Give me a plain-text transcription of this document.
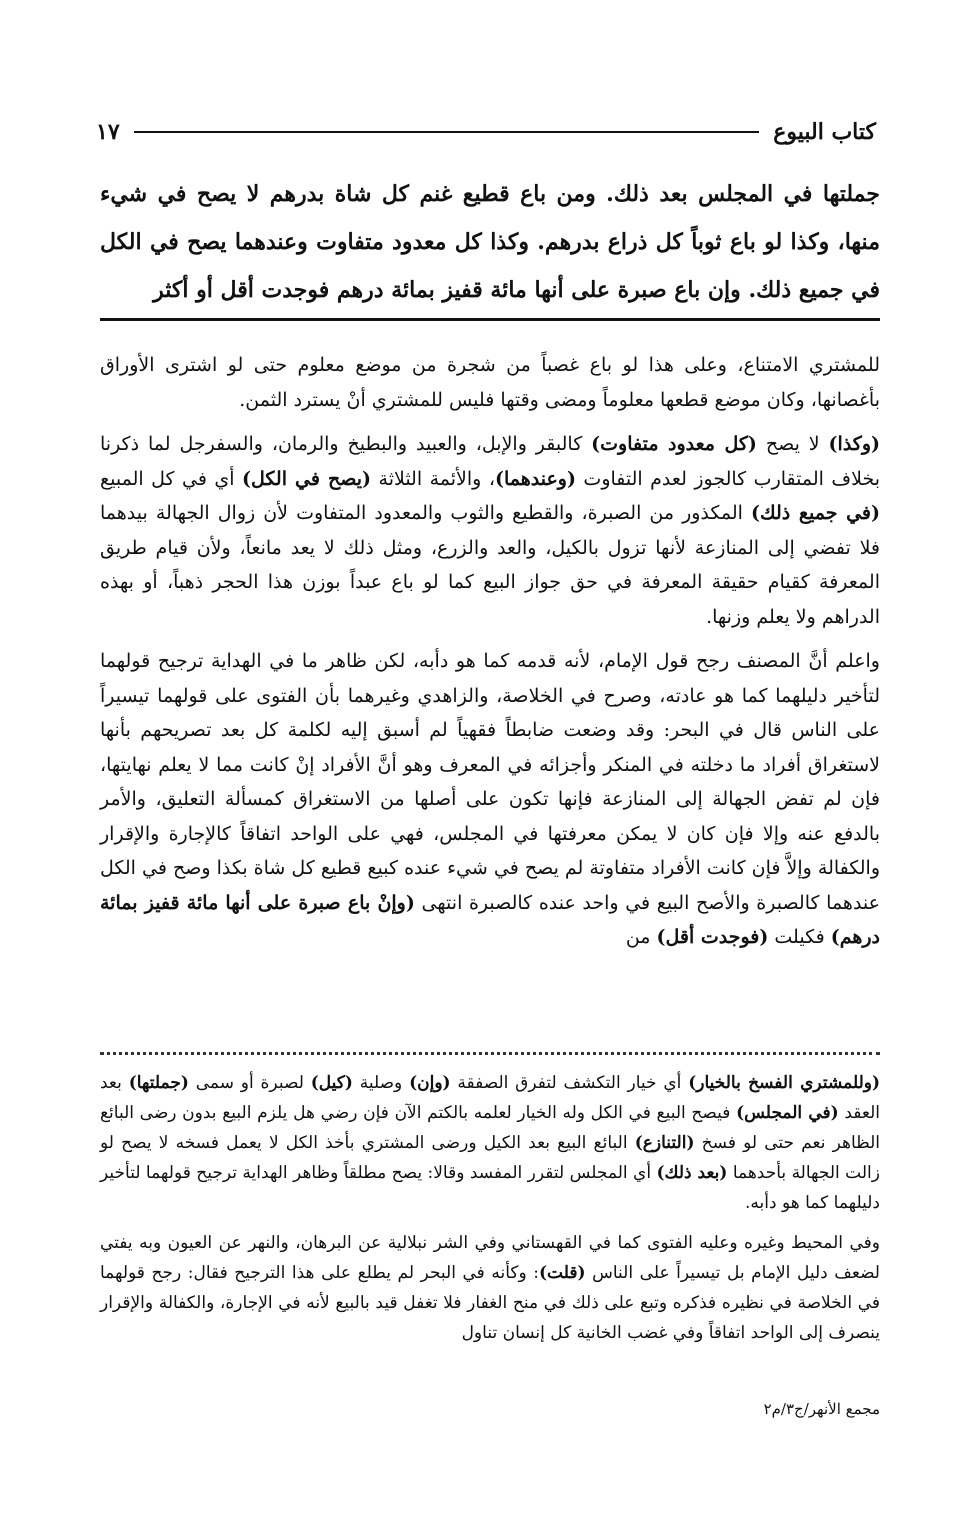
كتاب البيوع
١٧
جملتها في المجلس بعد ذلك. ومن باع قطيع غنم كل شاة بدرهم لا يصح في شيء منها، وكذا لو باع ثوباً كل ذراع بدرهم. وكذا كل معدود متفاوت وعندهما يصح في الكل في جميع ذلك. وإن باع صبرة على أنها مائة قفيز بمائة درهم فوجدت أقل أو أكثر

للمشتري الامتناع، وعلى هذا لو باع غصباً من شجرة من موضع معلوم حتى لو اشترى الأوراق بأغصانها، وكان موضع قطعها معلوماً ومضى وقتها فليس للمشتري أنْ يسترد الثمن.

(وكذا) لا يصح (كل معدود متفاوت) كالبقر والإبل، والعبيد والبطيخ والرمان، والسفرجل لما ذكرنا بخلاف المتقارب كالجوز لعدم التفاوت (وعندهما)، والأئمة الثلاثة (يصح في الكل) أي في كل المبيع (في جميع ذلك) المكذور من الصبرة، والقطيع والثوب والمعدود المتفاوت لأن زوال الجهالة بيدهما فلا تفضي إلى المنازعة لأنها تزول بالكيل، والعد والزرع، ومثل ذلك لا يعد مانعاً، ولأن قيام طريق المعرفة كقيام حقيقة المعرفة في حق جواز البيع كما لو باع عبداً بوزن هذا الحجر ذهباً، أو بهذه الدراهم ولا يعلم وزنها.

واعلم أنَّ المصنف رجح قول الإمام، لأنه قدمه كما هو دأبه، لكن ظاهر ما في الهداية ترجيح قولهما لتأخير دليلهما كما هو عادته، وصرح في الخلاصة، والزاهدي وغيرهما بأن الفتوى على قولهما تيسيراً على الناس قال في البحر: وقد وضعت ضابطاً فقهياً لم أسبق إليه لكلمة كل بعد تصريحهم بأنها لاستغراق أفراد ما دخلته في المنكر وأجزائه في المعرف وهو أنَّ الأفراد إنْ كانت مما لا يعلم نهايتها، فإن لم تفض الجهالة إلى المنازعة فإنها تكون على أصلها من الاستغراق كمسألة التعليق، والأمر بالدفع عنه وإلا فإن كان لا يمكن معرفتها في المجلس، فهي على الواحد اتفاقاً كالإجارة والإقرار والكفالة وإلاَّ فإن كانت الأفراد متفاوتة لم يصح في شيء عنده كبيع قطيع كل شاة بكذا وصح في الكل عندهما كالصبرة والأصح البيع في واحد عنده كالصبرة انتهى (وإنْ باع صبرة على أنها مائة قفيز بمائة درهم) فكيلت (فوجدت أقل) من

(وللمشتري الفسخ بالخيار) أي خيار التكشف لتفرق الصفقة (وإن) وصلية (كيل) لصبرة أو سمى (جملتها) بعد العقد (في المجلس) فيصح البيع في الكل وله الخيار لعلمه بالكتم الآن فإن رضي هل يلزم البيع بدون رضى البائع الظاهر نعم حتى لو فسخ (التنازع) البائع البيع بعد الكيل ورضى المشتري بأخذ الكل لا يعمل فسخه لا يصح لو زالت الجهالة بأحدهما (بعد ذلك) أي المجلس لتقرر المفسد وقالا: يصح مطلقاً وظاهر الهداية ترجيح قولهما لتأخير دليلهما كما هو دأبه.

وفي المحيط وغيره وعليه الفتوى كما في القهستاني وفي الشر نبلالية عن البرهان، والنهر عن العيون وبه يفتي لضعف دليل الإمام بل تيسيراً على الناس (قلت): وكأنه في البحر لم يطلع على هذا الترجيح فقال: رجح قولهما في الخلاصة في نظيره فذكره وتبع على ذلك في منح الغفار فلا تغفل قيد بالبيع لأنه في الإجارة، والكفالة والإقرار ينصرف إلى الواحد اتفاقاً وفي غضب الخانية كل إنسان تناول

مجمع الأنهر/ج٣/م٢
